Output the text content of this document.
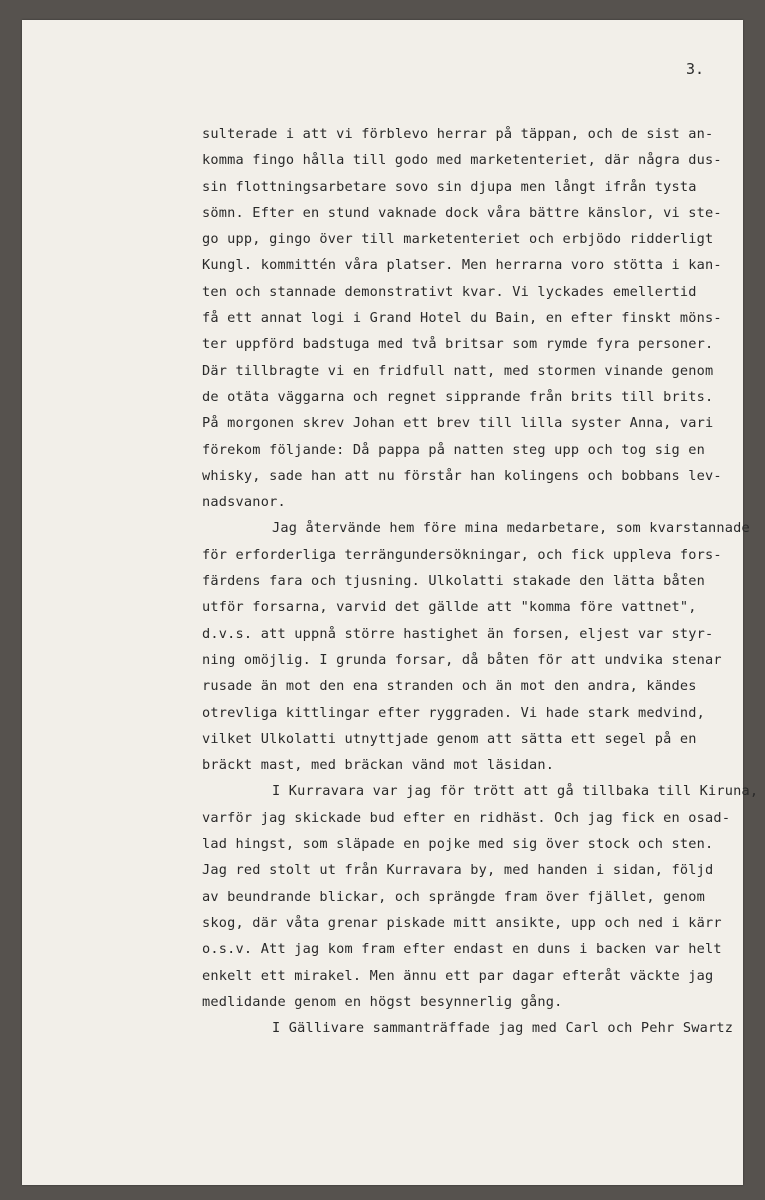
3.
sulterade i att vi förblevo herrar på täppan, och de sist an-
komma fingo hålla till godo med marketenteriet, där några dus-
sin flottningsarbetare sovo sin djupa men långt ifrån tysta
sömn. Efter en stund vaknade dock våra bättre känslor, vi ste-
go upp, gingo över till marketenteriet och erbjödo ridderligt
Kungl. kommittén våra platser. Men herrarna voro stötta i kan-
ten och stannade demonstrativt kvar. Vi lyckades emellertid
få ett annat logi i Grand Hotel du Bain, en efter finskt möns-
ter uppförd badstuga med två britsar som rymde fyra personer.
Där tillbragte vi en fridfull natt, med stormen vinande genom
de otäta väggarna och regnet sipprande från brits till brits.
På morgonen skrev Johan ett brev till lilla syster Anna, vari
förekom följande: Då pappa på natten steg upp och tog sig en
whisky, sade han att nu förstår han kolingens och bobbans lev-
nadsvanor.
Jag återvände hem före mina medarbetare, som kvarstannade
för erforderliga terrängundersökningar, och fick uppleva fors-
färdens fara och tjusning. Ulkolatti stakade den lätta båten
utför forsarna, varvid det gällde att "komma före vattnet",
d.v.s. att uppnå större hastighet än forsen, eljest var styr-
ning omöjlig. I grunda forsar, då båten för att undvika stenar
rusade än mot den ena stranden och än mot den andra, kändes
otrevliga kittlingar efter ryggraden. Vi hade stark medvind,
vilket Ulkolatti utnyttjade genom att sätta ett segel på en
bräckt mast, med bräckan vänd mot läsidan.
I Kurravara var jag för trött att gå tillbaka till Kiruna,
varför jag skickade bud efter en ridhäst. Och jag fick en osad-
lad hingst, som släpade en pojke med sig över stock och sten.
Jag red stolt ut från Kurravara by, med handen i sidan, följd
av beundrande blickar, och sprängde fram över fjället, genom
skog, där våta grenar piskade mitt ansikte, upp och ned i kärr
o.s.v. Att jag kom fram efter endast en duns i backen var helt
enkelt ett mirakel. Men ännu ett par dagar efteråt väckte jag
medlidande genom en högst besynnerlig gång.
I Gällivare sammanträffade jag med Carl och Pehr Swartz
